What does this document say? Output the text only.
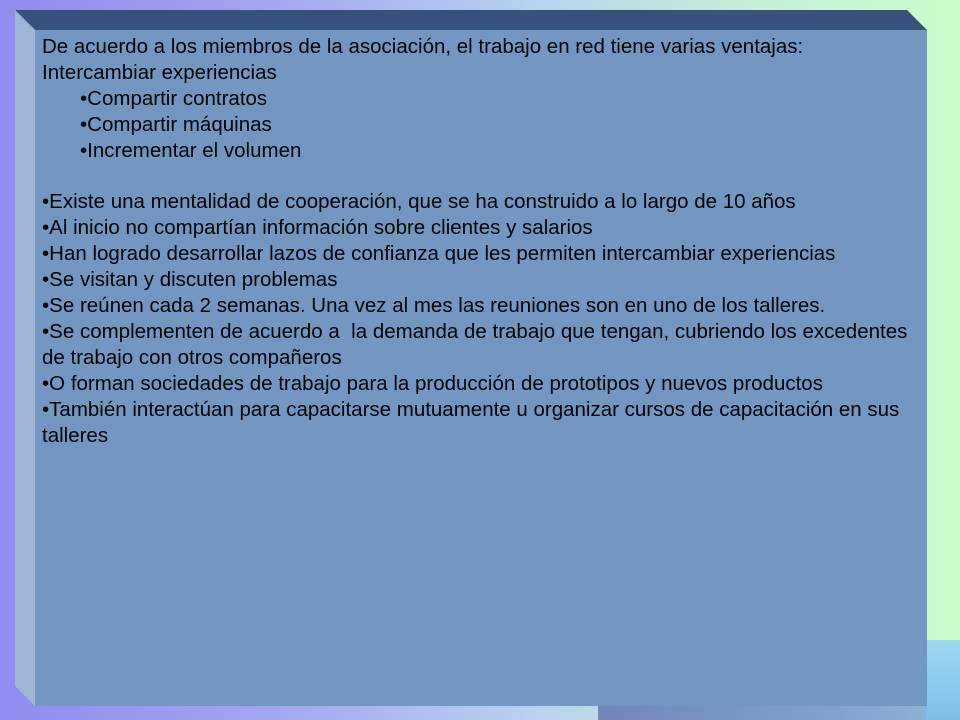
De acuerdo a los miembros de la asociación, el trabajo en red tiene varias ventajas:
Intercambiar experiencias
•Compartir contratos
•Compartir máquinas
•Incrementar el volumen
•Existe una mentalidad de cooperación, que se ha construido a lo largo de 10 años
•Al inicio no compartían información sobre clientes y salarios
•Han logrado desarrollar lazos de confianza que les permiten intercambiar experiencias
•Se visitan y discuten problemas
•Se reúnen cada 2 semanas. Una vez al mes las reuniones son en uno de los talleres.
•Se complementen de acuerdo a  la demanda de trabajo que tengan, cubriendo los excedentes de trabajo con otros compañeros
•O forman sociedades de trabajo para la producción de prototipos y nuevos productos
•También interactúan para capacitarse mutuamente u organizar cursos de capacitación en sus talleres
